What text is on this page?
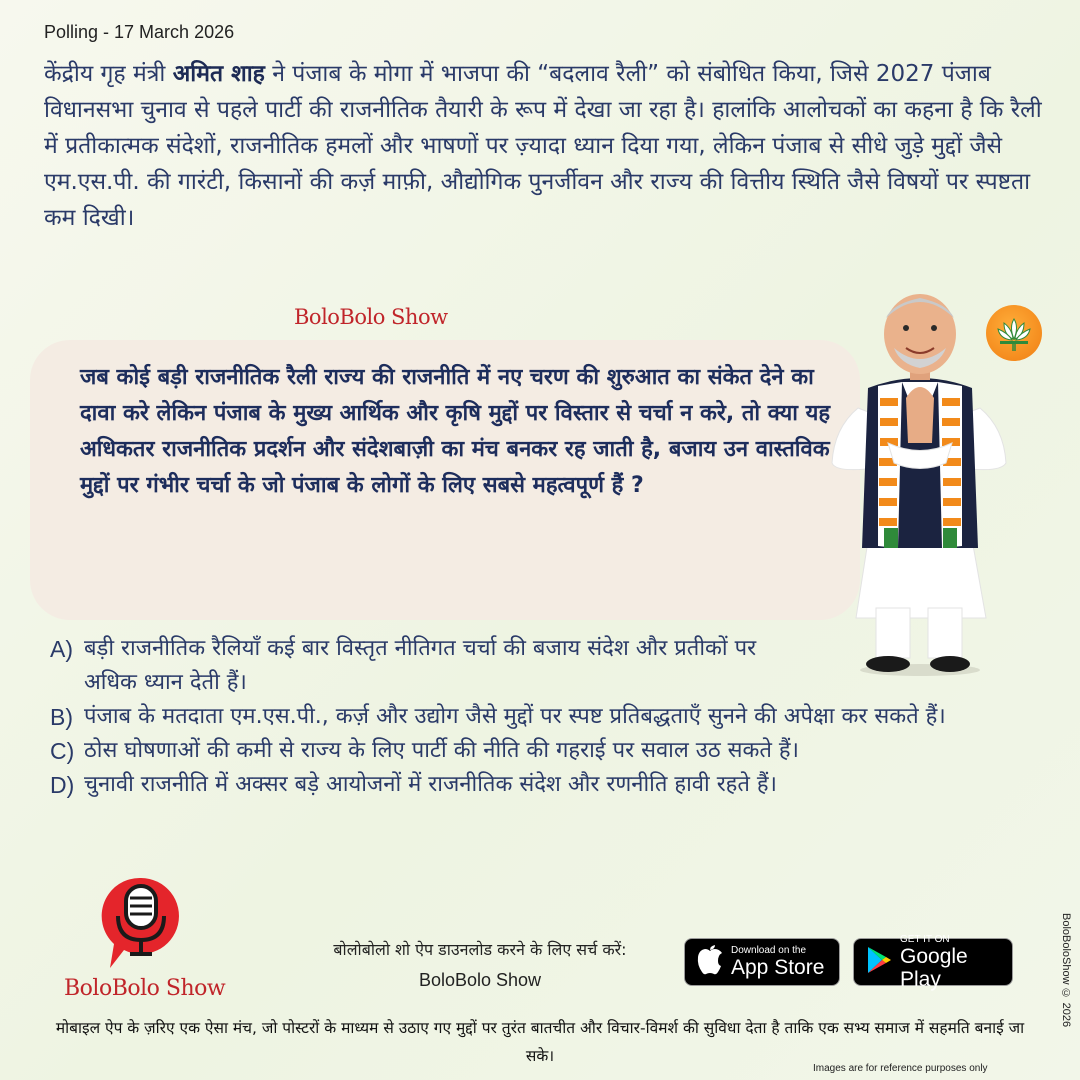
Polling - 17 March 2026
केंद्रीय गृह मंत्री अमित शाह ने पंजाब के मोगा में भाजपा की “बदलाव रैली” को संबोधित किया, जिसे 2027 पंजाब विधानसभा चुनाव से पहले पार्टी की राजनीतिक तैयारी के रूप में देखा जा रहा है। हालांकि आलोचकों का कहना है कि रैली में प्रतीकात्मक संदेशों, राजनीतिक हमलों और भाषणों पर ज़्यादा ध्यान दिया गया, लेकिन पंजाब से सीधे जुड़े मुद्दों जैसे एम.एस.पी. की गारंटी, किसानों की कर्ज़ माफ़ी, औद्योगिक पुनर्जीवन और राज्य की वित्तीय स्थिति जैसे विषयों पर स्पष्टता कम दिखी।
BoloBolo Show
जब कोई बड़ी राजनीतिक रैली राज्य की राजनीति में नए चरण की शुरुआत का संकेत देने का दावा करे लेकिन पंजाब के मुख्य आर्थिक और कृषि मुद्दों पर विस्तार से चर्चा न करे, तो क्या यह अधिकतर राजनीतिक प्रदर्शन और संदेशबाज़ी का मंच बनकर रह जाती है, बजाय उन वास्तविक मुद्दों पर गंभीर चर्चा के जो पंजाब के लोगों के लिए सबसे महत्वपूर्ण हैं ?
A) बड़ी राजनीतिक रैलियाँ कई बार विस्तृत नीतिगत चर्चा की बजाय संदेश और प्रतीकों पर अधिक ध्यान देती हैं।
B) पंजाब के मतदाता एम.एस.पी., कर्ज़ और उद्योग जैसे मुद्दों पर स्पष्ट प्रतिबद्धताएँ सुनने की अपेक्षा कर सकते हैं।
C) ठोस घोषणाओं की कमी से राज्य के लिए पार्टी की नीति की गहराई पर सवाल उठ सकते हैं।
D) चुनावी राजनीति में अक्सर बड़े आयोजनों में राजनीतिक संदेश और रणनीति हावी रहते हैं।
BoloBolo Show
बोलोबोलो शो ऐप डाउनलोड करने के लिए सर्च करें:
BoloBolo Show
Download on the
App Store
GET IT ON
Google Play
मोबाइल ऐप के ज़रिए एक ऐसा मंच, जो पोस्टरों के माध्यम से उठाए गए मुद्दों पर तुरंत बातचीत और विचार-विमर्श की सुविधा देता है ताकि एक सभ्य समाज में सहमति बनाई जा सके।
Images are for reference purposes only
BoloBoloShow © 2026
